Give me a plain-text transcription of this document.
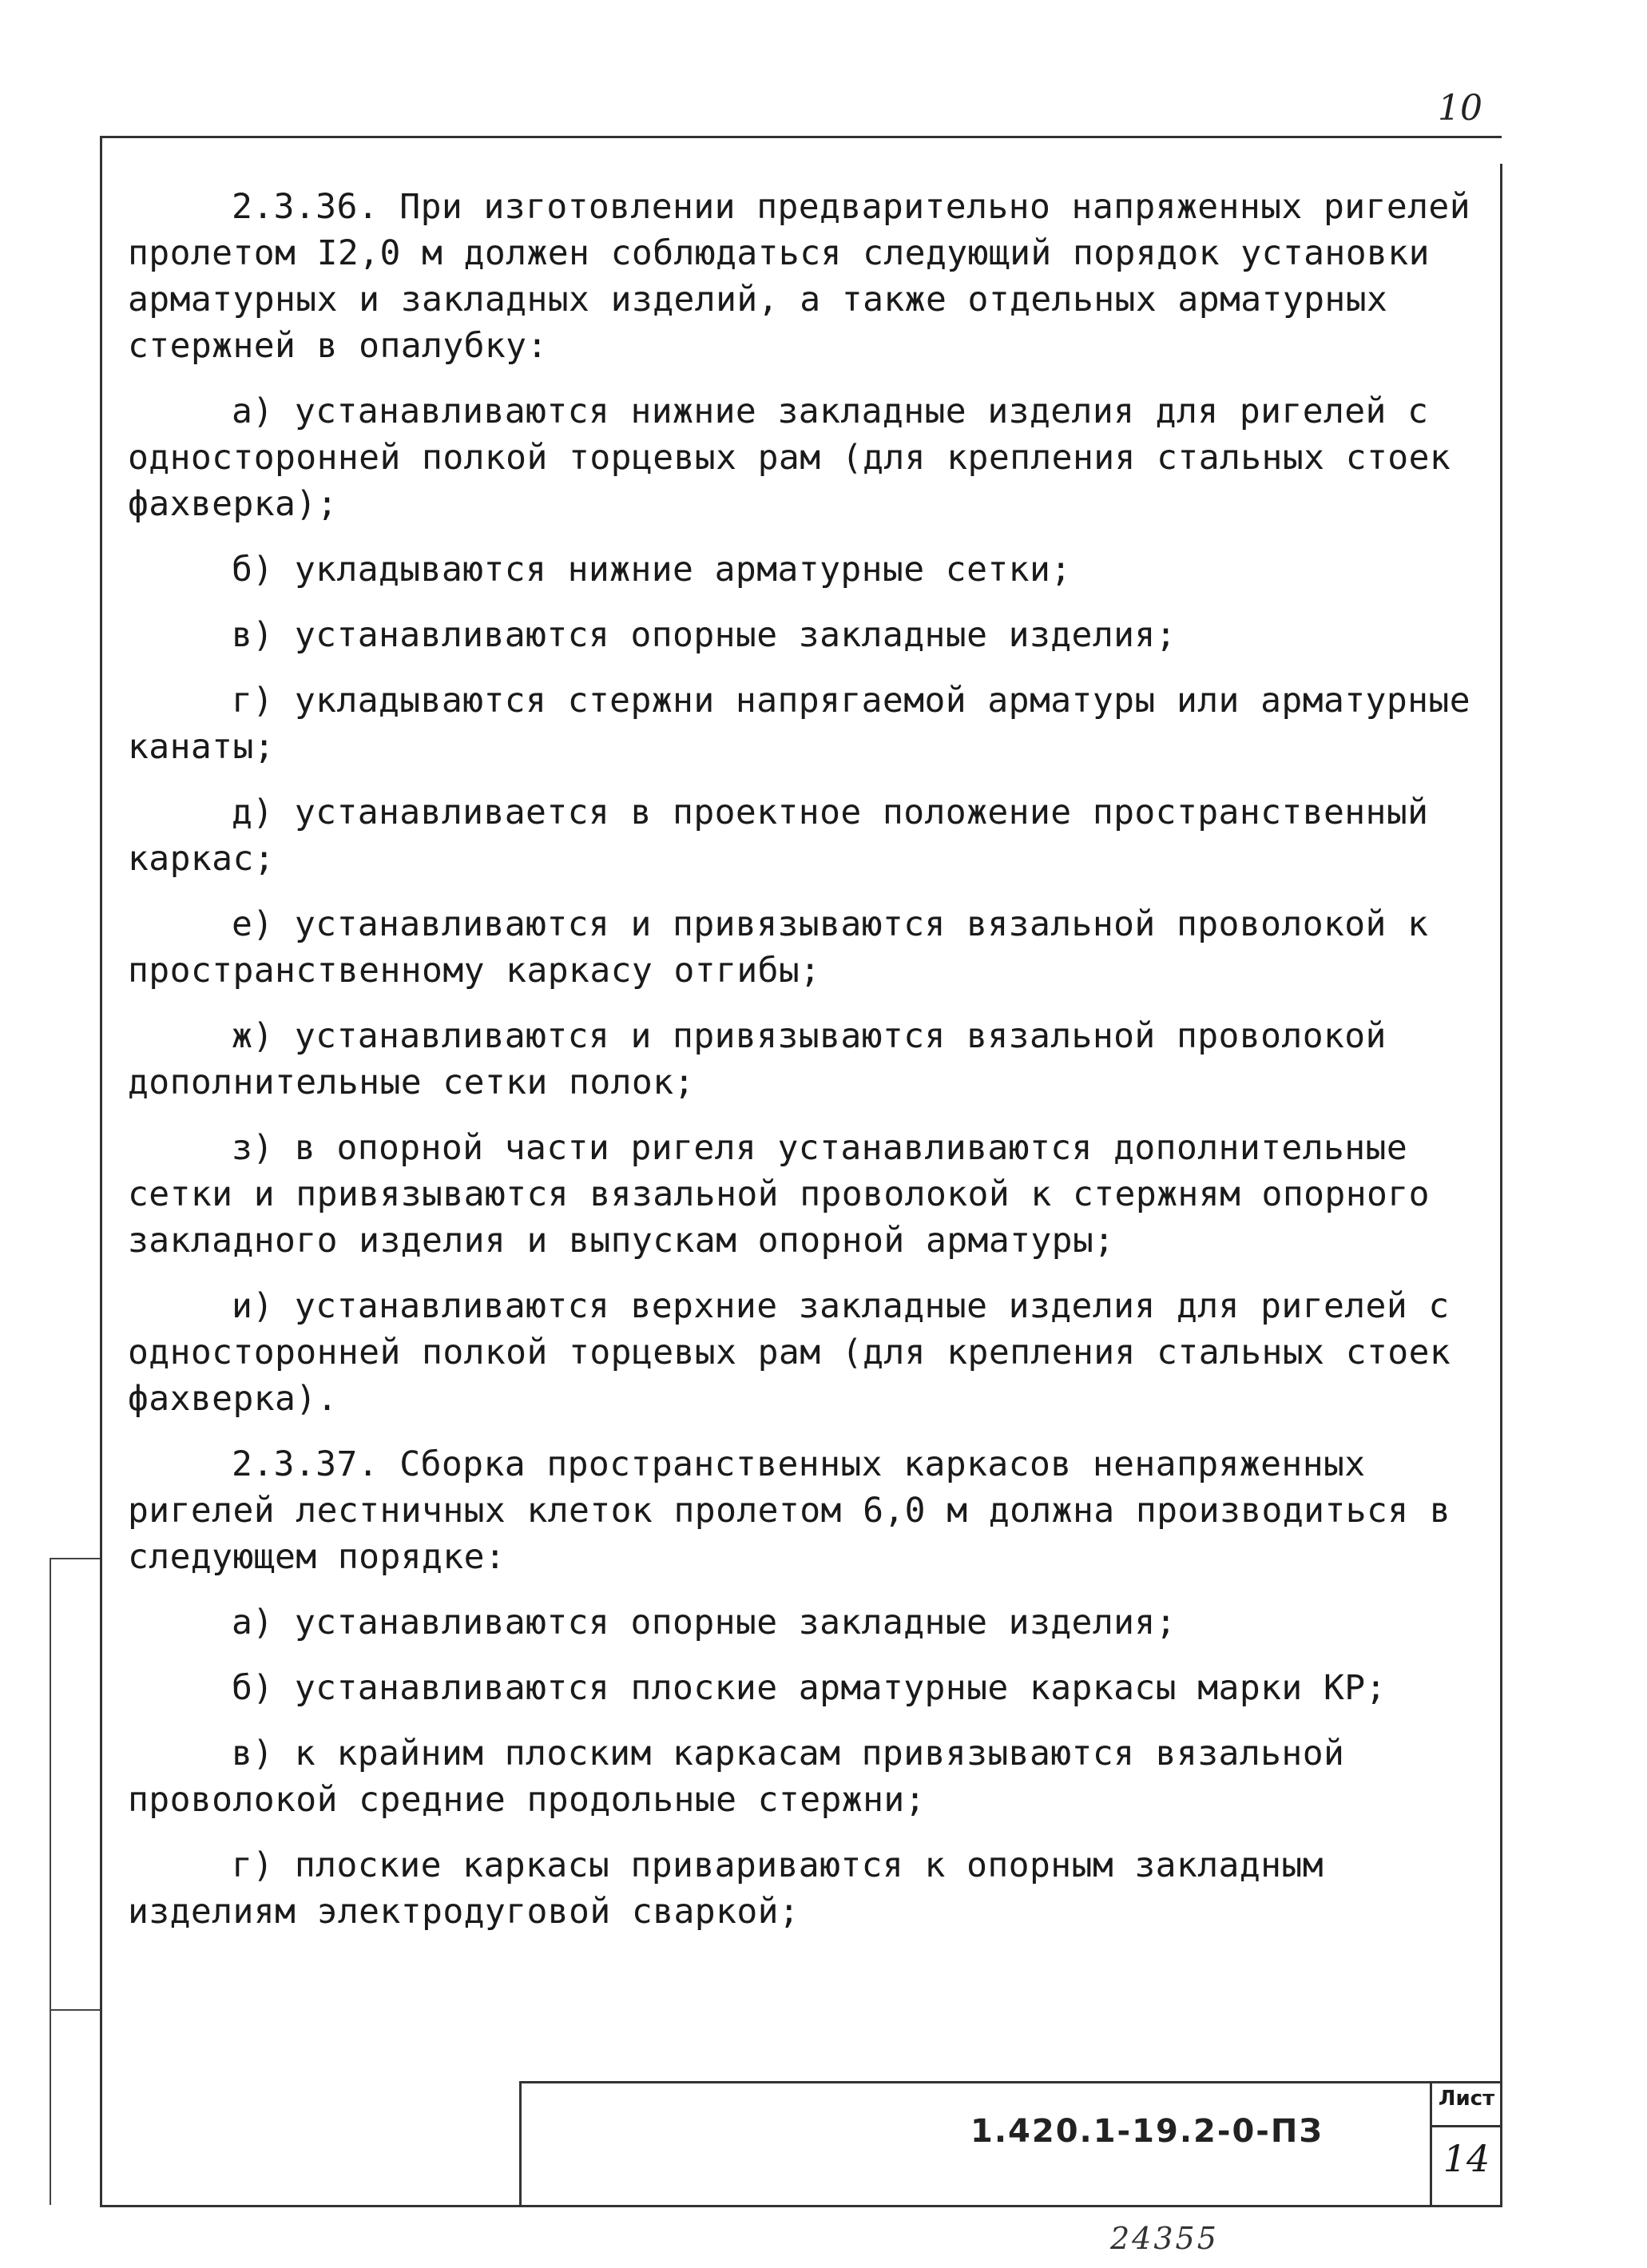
10

2.3.36. При изготовлении предварительно напряженных ригелей пролетом I2,0 м должен соблюдаться следующий порядок установки арматурных и закладных изделий, а также отдельных арматурных стержней в опалубку:

а) устанавливаются нижние закладные изделия для ригелей с односторонней полкой торцевых рам (для крепления стальных стоек фахверка);

б) укладываются нижние арматурные сетки;

в) устанавливаются опорные закладные изделия;

г) укладываются стержни напрягаемой арматуры или арматурные канаты;

д) устанавливается в проектное положение пространственный каркас;

е) устанавливаются и привязываются вязальной проволокой к пространственному каркасу отгибы;

ж) устанавливаются и привязываются вязальной проволокой дополнительные сетки полок;

з) в опорной части ригеля устанавливаются дополнительные сетки и привязываются вязальной проволокой к стержням опорного закладного изделия и выпускам опорной арматуры;

и) устанавливаются верхние закладные изделия для ригелей с односторонней полкой торцевых рам (для крепления стальных стоек фахверка).

2.3.37. Сборка пространственных каркасов ненапряженных ригелей лестничных клеток пролетом 6,0 м должна производиться в следующем порядке:

а) устанавливаются опорные закладные изделия;

б) устанавливаются плоские арматурные каркасы марки КР;

в) к крайним плоским каркасам привязываются вязальной проволокой средние продольные стержни;

г) плоские каркасы привариваются к опорным закладным изделиям электродуговой сваркой;

1.420.1-19.2-0-ПЗ
Лист
14
24355
